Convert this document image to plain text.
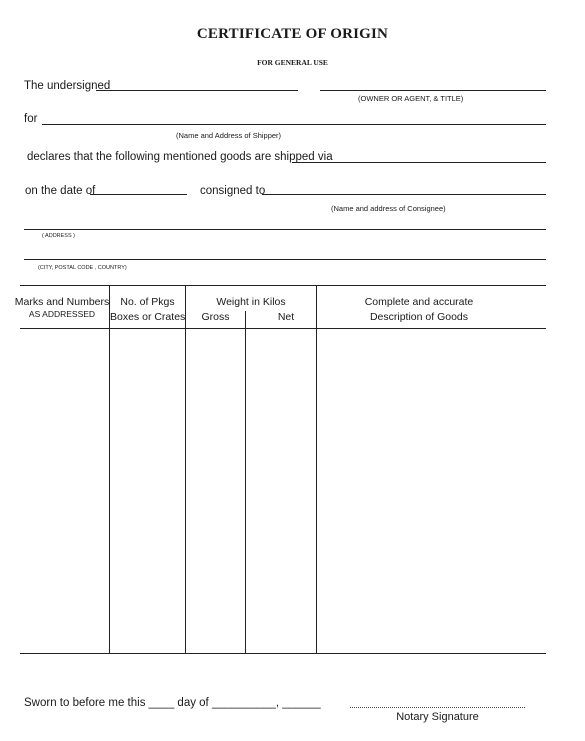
CERTIFICATE OF ORIGIN
FOR GENERAL USE
The undersigned
(OWNER OR AGENT, & TITLE)
for
(Name and Address of Shipper)
declares that the following mentioned goods are shipped via
on the date of	consigned to
(Name and address of Consignee)
( ADDRESS )
(CITY, POSTAL CODE , COUNTRY)
Marks and Numbers
AS ADDRESSED
No. of Pkgs
Boxes or Crates
Weight in Kilos
Gross	Net
Complete and accurate
Description of Goods
Sworn to before me this ____ day of __________, ______
Notary Signature
